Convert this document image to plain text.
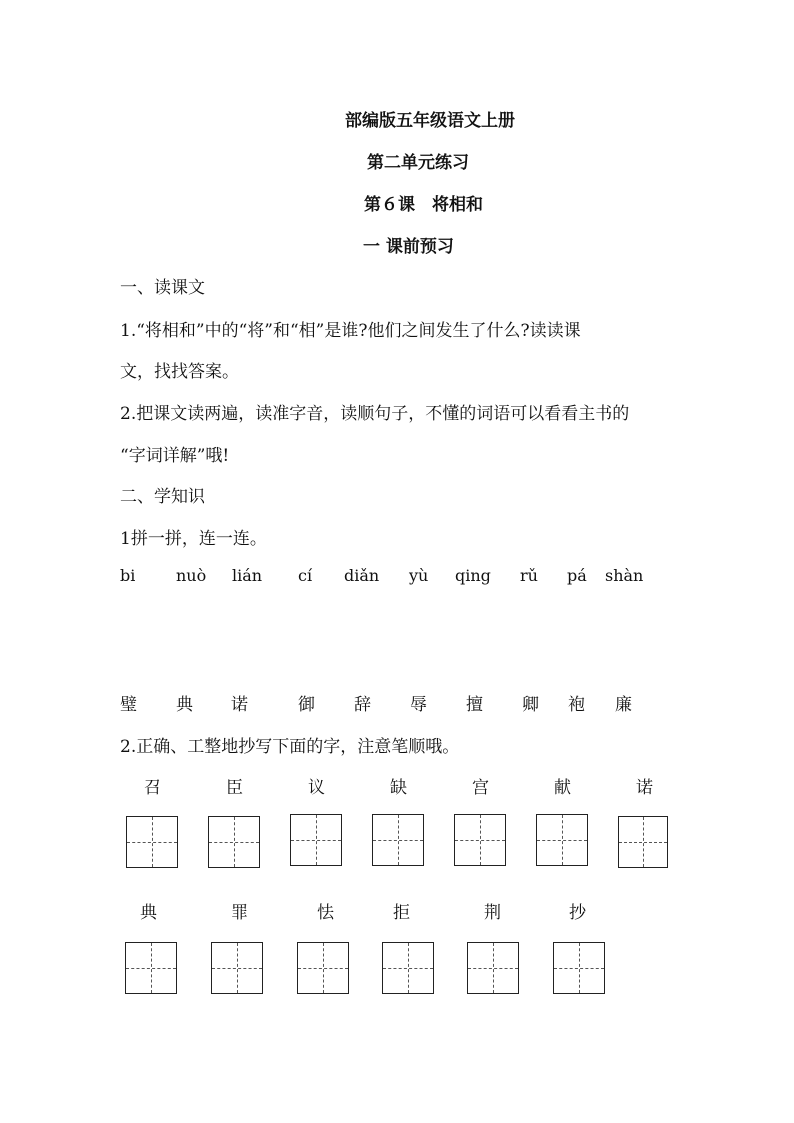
部编版五年级语文上册
第二单元练习
第６课　将相和
一 课前预习
一、读课文
1.“将相和”中的“将”和“相”是谁?他们之间发生了什么?读读课
文，找找答案。
2.把课文读两遍，读准字音，读顺句子，不懂的词语可以看看主书的
“字词详解”哦!
二、学知识
1拼一拼，连一连。
bi	nuò lián cí diǎn yù qing rǔ pá shàn
璧 典 诺	御 辞 辱 擅 卿 袍 廉
2.正确、工整地抄写下面的字，注意笔顺哦。
召	臣	议	缺	宫	献	诺
典	罪	怯	拒	荆	抄
